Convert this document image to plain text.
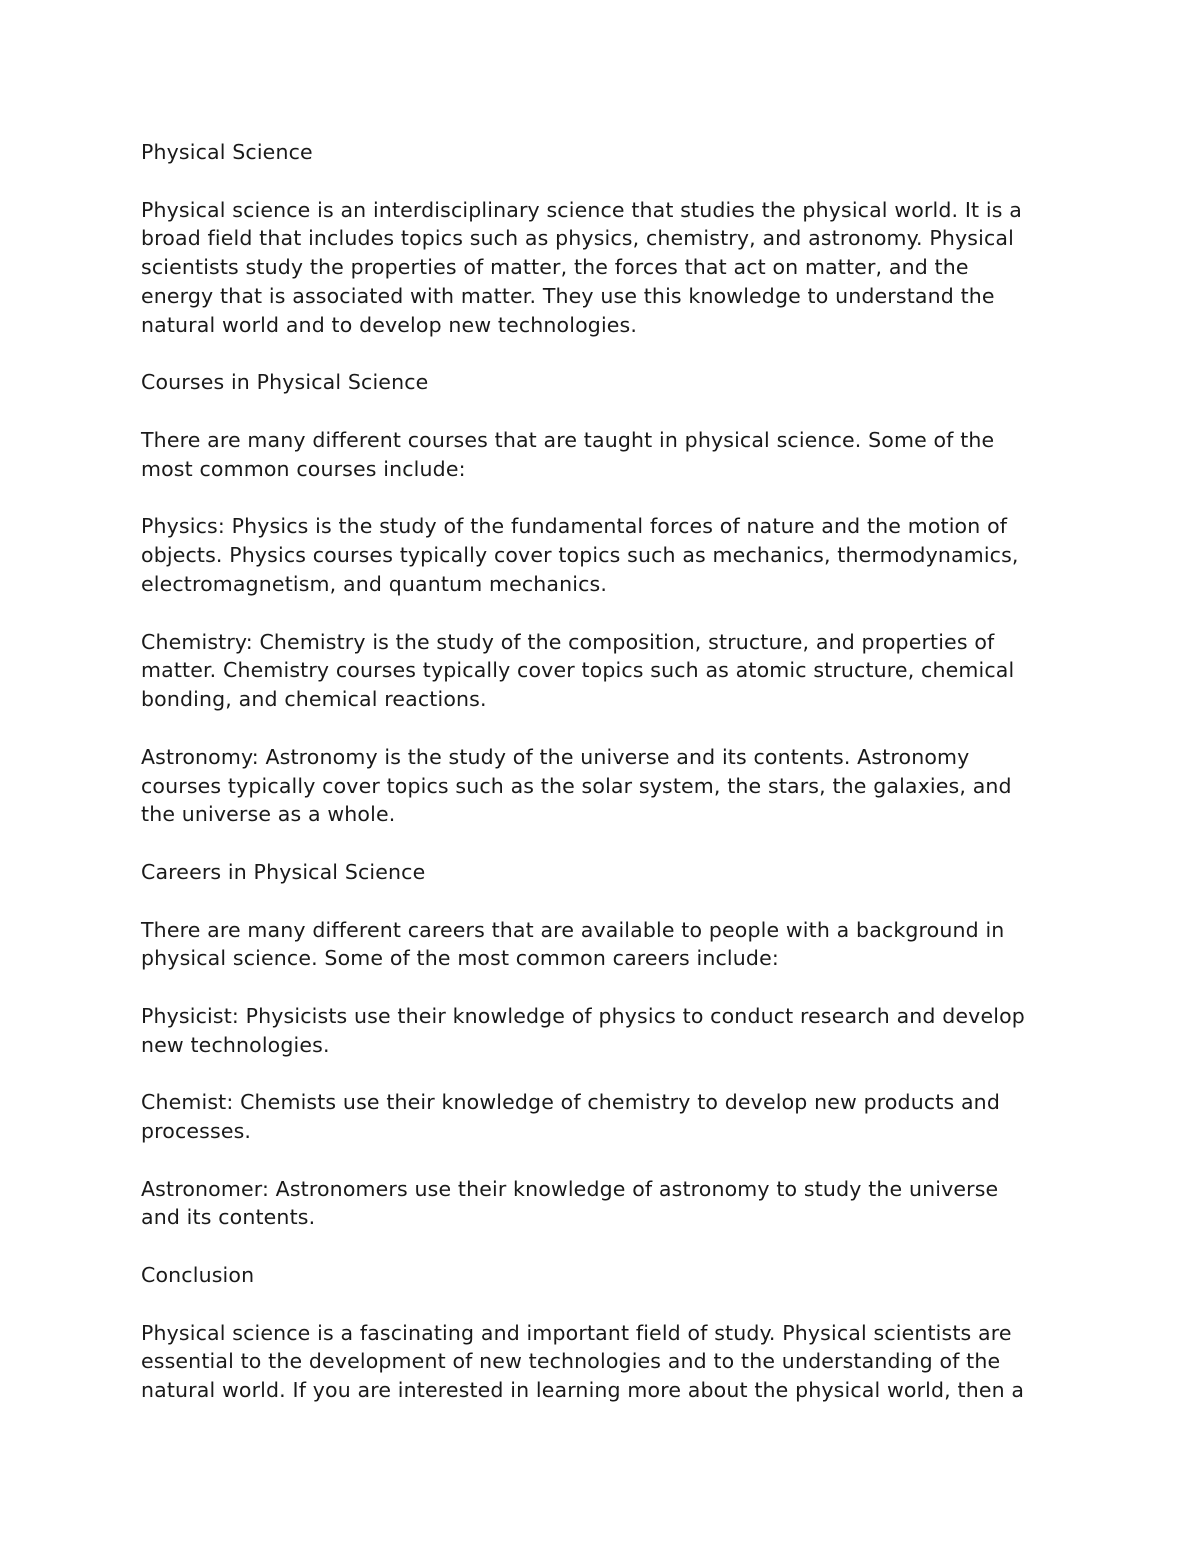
Physical Science

Physical science is an interdisciplinary science that studies the physical world. It is a
broad field that includes topics such as physics, chemistry, and astronomy. Physical
scientists study the properties of matter, the forces that act on matter, and the
energy that is associated with matter. They use this knowledge to understand the
natural world and to develop new technologies.

Courses in Physical Science

There are many different courses that are taught in physical science. Some of the
most common courses include:

Physics: Physics is the study of the fundamental forces of nature and the motion of
objects. Physics courses typically cover topics such as mechanics, thermodynamics,
electromagnetism, and quantum mechanics.

Chemistry: Chemistry is the study of the composition, structure, and properties of
matter. Chemistry courses typically cover topics such as atomic structure, chemical
bonding, and chemical reactions.

Astronomy: Astronomy is the study of the universe and its contents. Astronomy
courses typically cover topics such as the solar system, the stars, the galaxies, and
the universe as a whole.

Careers in Physical Science

There are many different careers that are available to people with a background in
physical science. Some of the most common careers include:

Physicist: Physicists use their knowledge of physics to conduct research and develop
new technologies.

Chemist: Chemists use their knowledge of chemistry to develop new products and
processes.

Astronomer: Astronomers use their knowledge of astronomy to study the universe
and its contents.

Conclusion

Physical science is a fascinating and important field of study. Physical scientists are
essential to the development of new technologies and to the understanding of the
natural world. If you are interested in learning more about the physical world, then a
